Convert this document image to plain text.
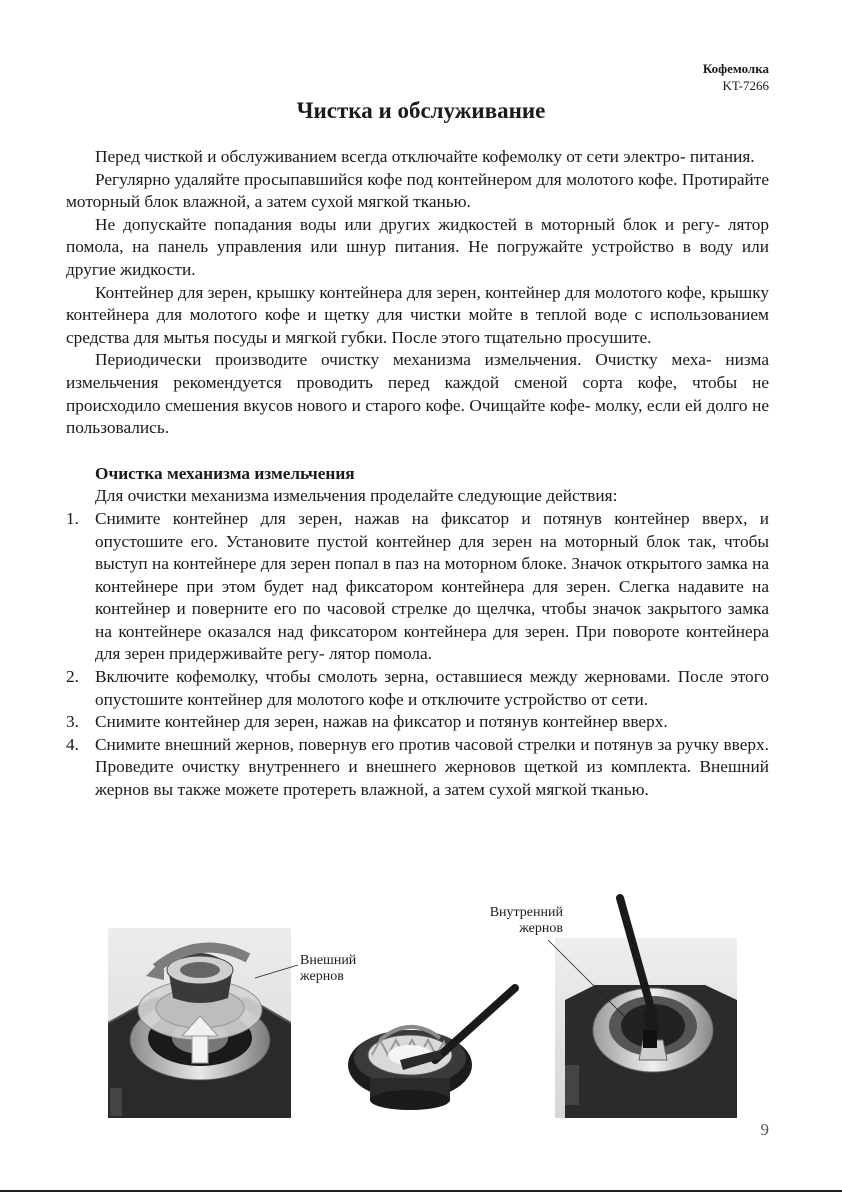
Кофемолка
KT-7266
Чистка и обслуживание

Перед чисткой и обслуживанием всегда отключайте кофемолку от сети электро- питания.

Регулярно удаляйте просыпавшийся кофе под контейнером для молотого кофе. Протирайте моторный блок влажной, а затем сухой мягкой тканью.

Не допускайте попадания воды или других жидкостей в моторный блок и регу- лятор помола, на панель управления или шнур питания. Не погружайте устройство в воду или другие жидкости.

Контейнер для зерен, крышку контейнера для зерен, контейнер для молотого кофе, крышку контейнера для молотого кофе и щетку для чистки мойте в теплой воде с использованием средства для мытья посуды и мягкой губки. После этого тщательно просушите.

Периодически производите очистку механизма измельчения. Очистку меха- низма измельчения рекомендуется проводить перед каждой сменой сорта кофе, чтобы не происходило смешения вкусов нового и старого кофе. Очищайте кофе- молку, если ей долго не пользовались.

Очистка механизма измельчения

Для очистки механизма измельчения проделайте следующие действия:

1. Снимите контейнер для зерен, нажав на фиксатор и потянув контейнер вверх, и опустошите его. Установите пустой контейнер для зерен на моторный блок так, чтобы выступ на контейнере для зерен попал в паз на моторном блоке. Значок открытого замка на контейнере при этом будет над фиксатором контейнера для зерен. Слегка надавите на контейнер и поверните его по часовой стрелке до щелчка, чтобы значок закрытого замка на контейнере оказался над фиксатором контейнера для зерен. При повороте контейнера для зерен придерживайте регу- лятор помола.
2. Включите кофемолку, чтобы смолоть зерна, оставшиеся между жерновами. После этого опустошите контейнер для молотого кофе и отключите устройство от сети.
3. Снимите контейнер для зерен, нажав на фиксатор и потянув контейнер вверх.
4. Снимите внешний жернов, повернув его против часовой стрелки и потянув за ручку вверх. Проведите очистку внутреннего и внешнего жерновов щеткой из комплекта. Внешний жернов вы также можете протереть влажной, а затем сухой мягкой тканью.
Внешний жернов
Внутренний жернов
9
